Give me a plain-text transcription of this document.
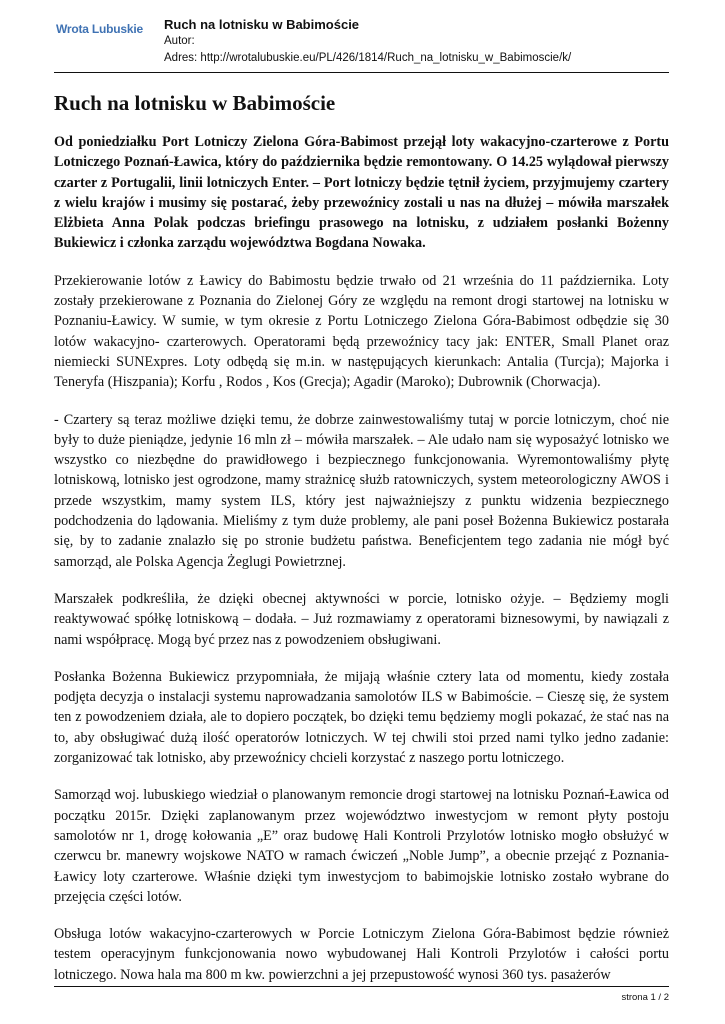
Wrota Lubuskie Ruch na lotnisku w Babimoście
Autor:
Adres: http://wrotalubuskie.eu/PL/426/1814/Ruch_na_lotnisku_w_Babimoscie/k/
Ruch na lotnisku w Babimoście

Od poniedziałku Port Lotniczy Zielona Góra-Babimost przejął loty wakacyjno-czarterowe z Portu Lotniczego Poznań-Ławica, który do października będzie remontowany. O 14.25 wylądował pierwszy czarter z Portugalii, linii lotniczych Enter. – Port lotniczy będzie tętnił życiem, przyjmujemy czartery z wielu krajów i musimy się postarać, żeby przewoźnicy zostali u nas na dłużej – mówiła marszałek Elżbieta Anna Polak podczas briefingu prasowego na lotnisku, z udziałem posłanki Bożenny Bukiewicz i członka zarządu województwa Bogdana Nowaka.

Przekierowanie lotów z Ławicy do Babimostu będzie trwało od 21 września do 11 października. Loty zostały przekierowane z Poznania do Zielonej Góry ze względu na remont drogi startowej na lotnisku w Poznaniu-Ławicy. W sumie, w tym okresie z Portu Lotniczego Zielona Góra-Babimost odbędzie się 30 lotów wakacyjno- czarterowych. Operatorami będą przewoźnicy tacy jak: ENTER, Small Planet oraz niemiecki SUNExpres. Loty odbędą się m.in. w następujących kierunkach: Antalia (Turcja); Majorka i Teneryfa (Hiszpania); Korfu , Rodos , Kos (Grecja); Agadir (Maroko); Dubrownik (Chorwacja).

- Czartery są teraz możliwe dzięki temu, że dobrze zainwestowaliśmy tutaj w porcie lotniczym, choć nie były to duże pieniądze, jedynie 16 mln zł – mówiła marszałek. – Ale udało nam się wyposażyć lotnisko we wszystko co niezbędne do prawidłowego i bezpiecznego funkcjonowania. Wyremontowaliśmy płytę lotniskową, lotnisko jest ogrodzone, mamy strażnicę służb ratowniczych, system meteorologiczny AWOS i przede wszystkim, mamy system ILS, który jest najważniejszy z punktu widzenia bezpiecznego podchodzenia do lądowania. Mieliśmy z tym duże problemy, ale pani poseł Bożenna Bukiewicz postarała się, by to zadanie znalazło się po stronie budżetu państwa. Beneficjentem tego zadania nie mógł być samorząd, ale Polska Agencja Żeglugi Powietrznej.

Marszałek podkreśliła, że dzięki obecnej aktywności w porcie, lotnisko ożyje. – Będziemy mogli reaktywować spółkę lotniskową – dodała. – Już rozmawiamy z operatorami biznesowymi, by nawiązali z nami współpracę. Mogą być przez nas z powodzeniem obsługiwani.

Posłanka Bożenna Bukiewicz przypomniała, że mijają właśnie cztery lata od momentu, kiedy została podjęta decyzja o instalacji systemu naprowadzania samolotów ILS w Babimoście. – Cieszę się, że system ten z powodzeniem działa, ale to dopiero początek, bo dzięki temu będziemy mogli pokazać, że stać nas na to, aby obsługiwać dużą ilość operatorów lotniczych. W tej chwili stoi przed nami tylko jedno zadanie: zorganizować tak lotnisko, aby przewoźnicy chcieli korzystać z naszego portu lotniczego.

Samorząd woj. lubuskiego wiedział o planowanym remoncie drogi startowej na lotnisku Poznań-Ławica od początku 2015r. Dzięki zaplanowanym przez województwo inwestycjom w remont płyty postoju samolotów nr 1, drogę kołowania „E” oraz budowę Hali Kontroli Przylotów lotnisko mogło obsłużyć w czerwcu br. manewry wojskowe NATO w ramach ćwiczeń „Noble Jump”, a obecnie przejąć z Poznania-Ławicy loty czarterowe. Właśnie dzięki tym inwestycjom to babimojskie lotnisko zostało wybrane do przejęcia części lotów.

Obsługa lotów wakacyjno-czarterowych w Porcie Lotniczym Zielona Góra-Babimost będzie również testem operacyjnym funkcjonowania nowo wybudowanej Hali Kontroli Przylotów i całości portu lotniczego. Nowa hala ma 800 m kw. powierzchni a jej przepustowość wynosi 360 tys. pasażerów

strona 1 / 2
